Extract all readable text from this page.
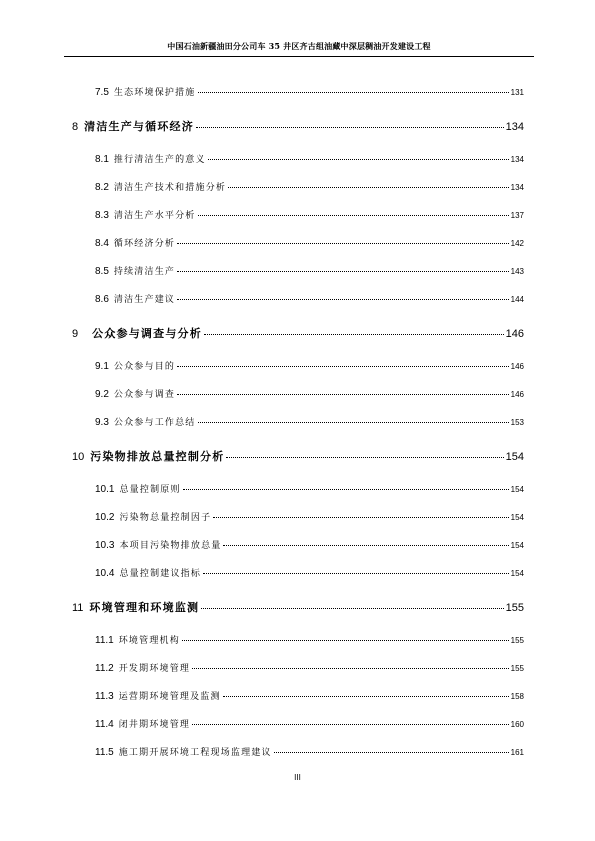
中国石油新疆油田分公司车 35 井区齐古组油藏中深层稠油开发建设工程
7.5 生态环境保护措施	131
8 清洁生产与循环经济	134
8.1 推行清洁生产的意义	134
8.2 清洁生产技术和措施分析	134
8.3 清洁生产水平分析	137
8.4 循环经济分析	142
8.5 持续清洁生产	143
8.6 清洁生产建议	144
9 公众参与调查与分析	146
9.1 公众参与目的	146
9.2 公众参与调查	146
9.3 公众参与工作总结	153
10 污染物排放总量控制分析	154
10.1 总量控制原则	154
10.2 污染物总量控制因子	154
10.3 本项目污染物排放总量	154
10.4 总量控制建议指标	154
11 环境管理和环境监测	155
11.1 环境管理机构	155
11.2 开发期环境管理	155
11.3 运营期环境管理及监测	158
11.4 闭井期环境管理	160
11.5 施工期开展环境工程现场监理建议	161
III
